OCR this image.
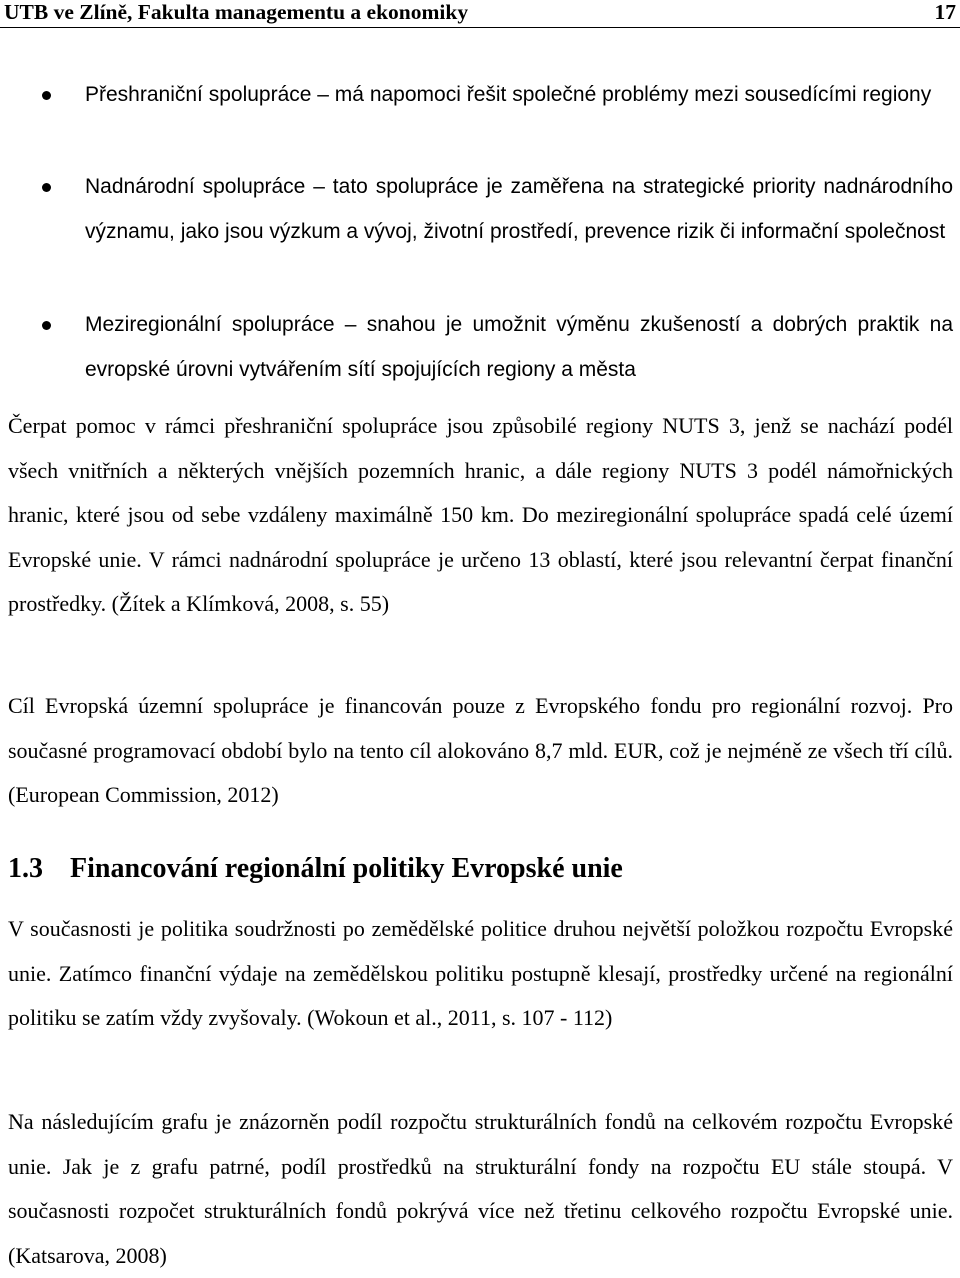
UTB ve Zlíně, Fakulta managementu a ekonomiky	17
Přeshraniční spolupráce – má napomoci řešit společné problémy mezi sousedícími regiony
Nadnárodní spolupráce – tato spolupráce je zaměřena na strategické priority nadnárodního významu, jako jsou výzkum a vývoj, životní prostředí, prevence rizik či informační společnost
Meziregionální spolupráce – snahou je umožnit výměnu zkušeností a dobrých praktik na evropské úrovni vytvářením sítí spojujících regiony a města
Čerpat pomoc v rámci přeshraniční spolupráce jsou způsobilé regiony NUTS 3, jenž se nachází podél všech vnitřních a některých vnějších pozemních hranic, a dále regiony NUTS 3 podél námořnických hranic, které jsou od sebe vzdáleny maximálně 150 km. Do meziregionální spolupráce spadá celé území Evropské unie. V rámci nadnárodní spolupráce je určeno 13 oblastí, které jsou relevantní čerpat finanční prostředky. (Žítek a Klímková, 2008, s. 55)
Cíl Evropská územní spolupráce je financován pouze z Evropského fondu pro regionální rozvoj. Pro současné programovací období bylo na tento cíl alokováno 8,7 mld. EUR, což je nejméně ze všech tří cílů. (European Commission, 2012)
1.3 Financování regionální politiky Evropské unie
V současnosti je politika soudržnosti po zemědělské politice druhou největší položkou rozpočtu Evropské unie. Zatímco finanční výdaje na zemědělskou politiku postupně klesají, prostředky určené na regionální politiku se zatím vždy zvyšovaly. (Wokoun et al., 2011, s. 107 - 112)
Na následujícím grafu je znázorněn podíl rozpočtu strukturálních fondů na celkovém rozpočtu Evropské unie. Jak je z grafu patrné, podíl prostředků na strukturální fondy na rozpočtu EU stále stoupá. V současnosti rozpočet strukturálních fondů pokrývá více než třetinu celkového rozpočtu Evropské unie. (Katsarova, 2008)
